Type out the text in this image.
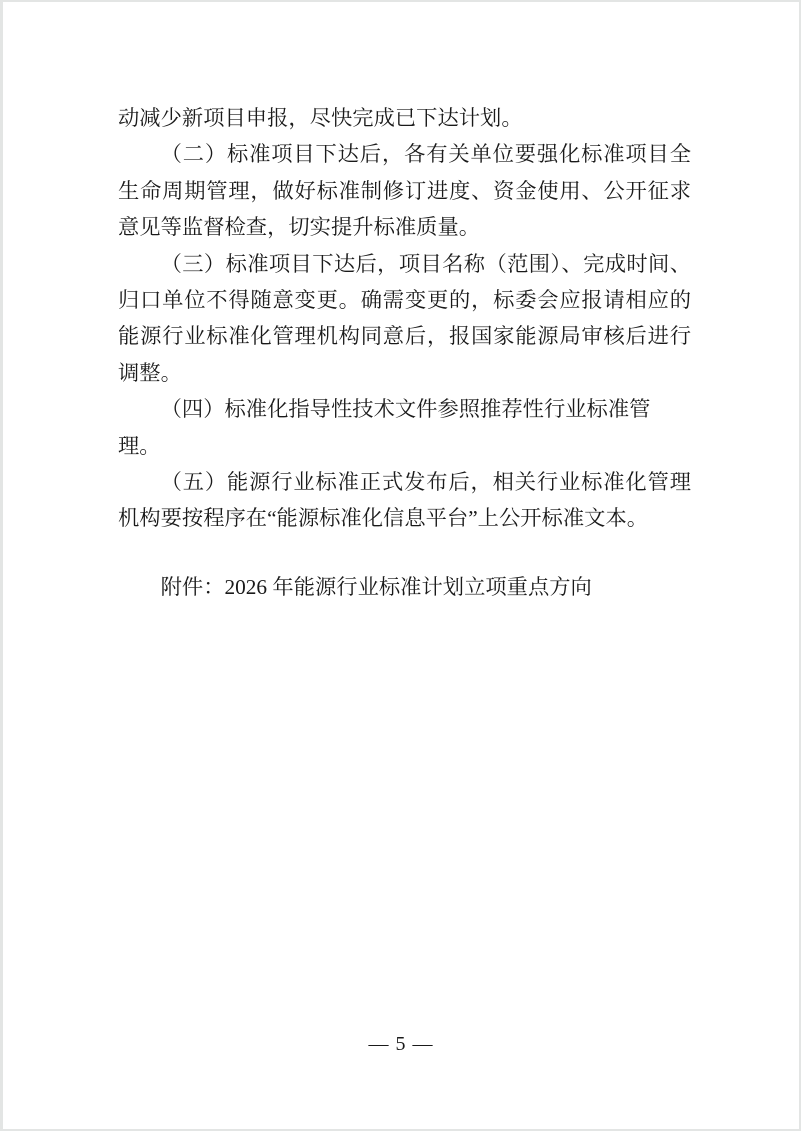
动减少新项目申报，尽快完成已下达计划。
（二）标准项目下达后，各有关单位要强化标准项目全
生命周期管理，做好标准制修订进度、资金使用、公开征求
意见等监督检查，切实提升标准质量。
（三）标准项目下达后，项目名称（范围）、完成时间、
归口单位不得随意变更。确需变更的，标委会应报请相应的
能源行业标准化管理机构同意后，报国家能源局审核后进行
调整。
（四）标准化指导性技术文件参照推荐性行业标准管理。
（五）能源行业标准正式发布后，相关行业标准化管理
机构要按程序在“能源标准化信息平台”上公开标准文本。
附件：2026 年能源行业标准计划立项重点方向
— 5 —
